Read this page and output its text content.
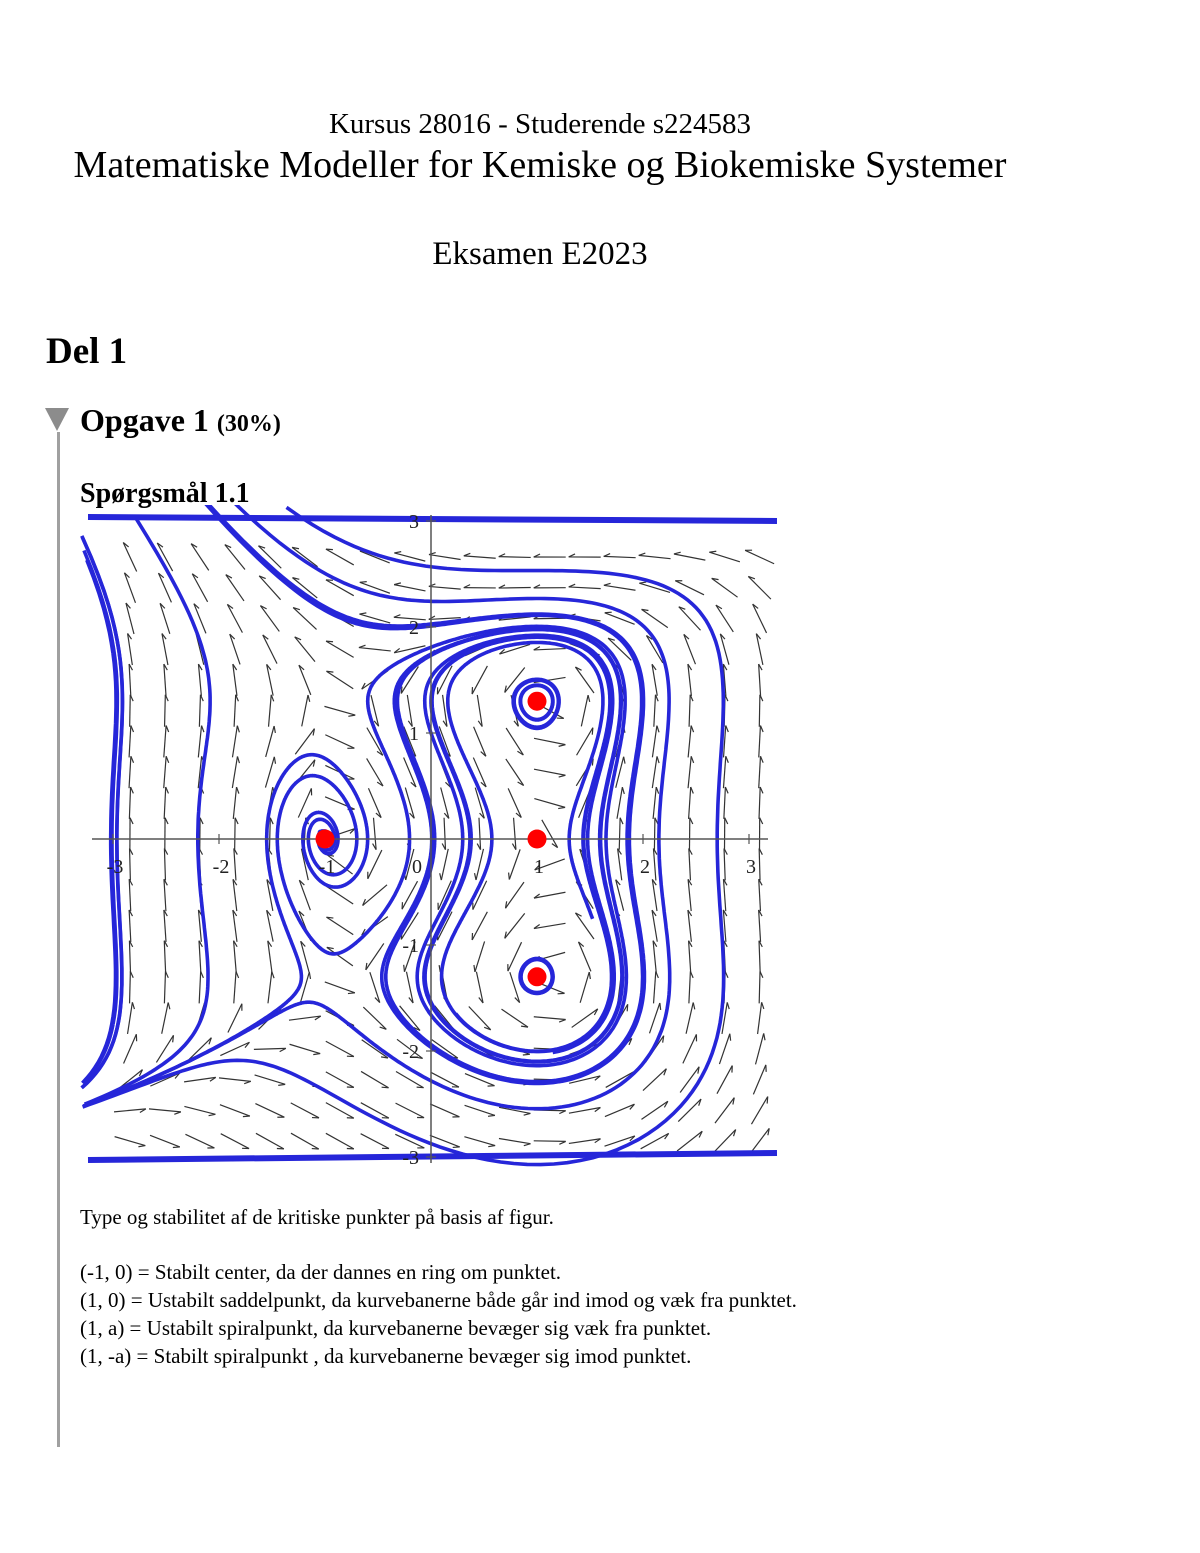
Kursus 28016 - Studerende s224583
Matematiske Modeller for Kemiske og Biokemiske Systemer
Eksamen E2023
Del 1
Opgave 1 (30%)
Spørgsmål 1.1
-3	-2	-1	0	1	2	3
3
2
1
-1
-2
-3

Type og stabilitet af de kritiske punkter på basis af figur.

(-1, 0) = Stabilt center, da der dannes en ring om punktet.
(1, 0) = Ustabilt saddelpunkt, da kurvebanerne både går ind imod og væk fra punktet.
(1, a) = Ustabilt spiralpunkt, da kurvebanerne bevæger sig væk fra punktet.
(1, -a) = Stabilt spiralpunkt , da kurvebanerne bevæger sig imod punktet.
